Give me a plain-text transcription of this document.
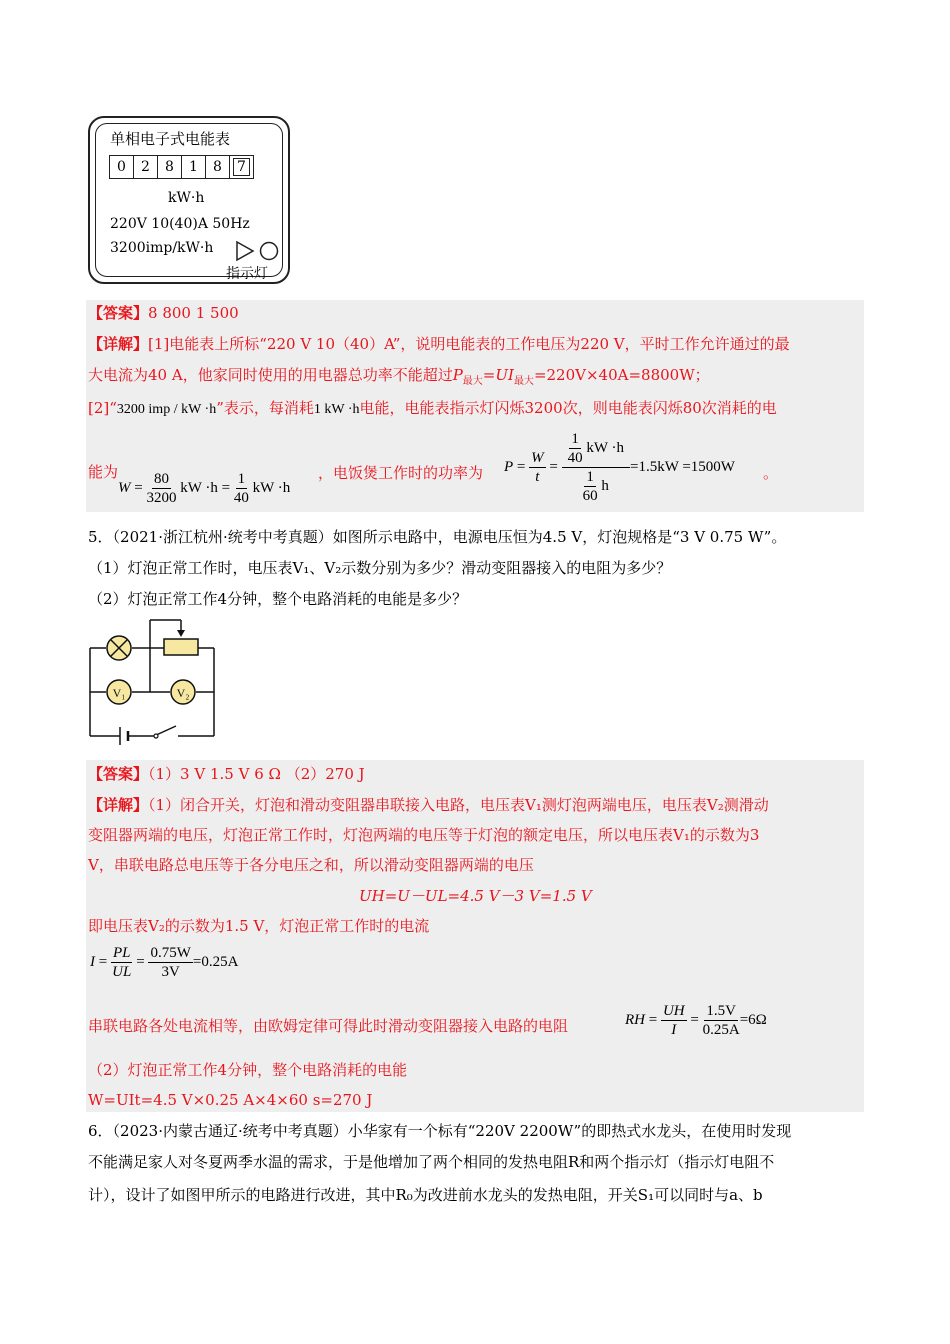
单相电子式电能表
0	2	8	1	8	7
kW·h
220V 10(40)A 50Hz
3200imp/kW·h
指示灯
【答案】8 800 1 500
【详解】[1]电能表上所标“220 V 10（40）A”，说明电能表的工作电压为220 V，平时工作允许通过的最
大电流为40 A，他家同时使用的用电器总功率不能超过$P_{最大}=UI_{最大}=220V\times 40A=8800W$；
[2]“3200 imp / kW ·h”表示，每消耗1 kW ·h电能，电能表指示灯闪烁3200次，则电能表闪烁80次消耗的电
能为
$W = \frac{80}{3200}$ kW $\cdot h = \frac{1}{40}$ kW ·h
，电饭煲工作时的功率为 $P = \frac{W}{t} = \frac{\frac{1}{40} kW \cdot h}{\frac{1}{60} h} =1.5kW =1500W$ 。
5．（2021·浙江杭州·统考中考真题）如图所示电路中，电源电压恒为4.5 V，灯泡规格是“3 V 0.75 W”。
（1）灯泡正常工作时，电压表V₁、V₂示数分别为多少？滑动变阻器接入的电阻为多少？
（2）灯泡正常工作4分钟，整个电路消耗的电能是多少？
V₁	V₂
【答案】（1）3 V 1.5 V 6 Ω （2）270 J
【详解】（1）闭合开关，灯泡和滑动变阻器串联接入电路，电压表V₁测灯泡两端电压，电压表V₂测滑动
变阻器两端的电压，灯泡正常工作时，灯泡两端的电压等于灯泡的额定电压，所以电压表V₁的示数为3
V，串联电路总电压等于各分电压之和，所以滑动变阻器两端的电压
UH=U－UL=4.5 V－3 V=1.5 V
即电压表V₂的示数为1.5 V，灯泡正常工作时的电流
$I = \frac{PL}{UL} = \frac{0.75W}{3V} =0.25A$
串联电路各处电流相等，由欧姆定律可得此时滑动变阻器接入电路的电阻	RH = $\frac{UH}{I} = \frac{1.5V}{0.25A} =6\Omega$
（2）灯泡正常工作4分钟，整个电路消耗的电能
W=UIt=4.5 V×0.25 A×4×60 s=270 J
6．（2023·内蒙古通辽·统考中考真题）小华家有一个标有“220V 2200W”的即热式水龙头，在使用时发现
不能满足家人对冬夏两季水温的需求，于是他增加了两个相同的发热电阻R和两个指示灯（指示灯电阻不
计），设计了如图甲所示的电路进行改进，其中R₀为改进前水龙头的发热电阻，开关S₁可以同时与a、b
